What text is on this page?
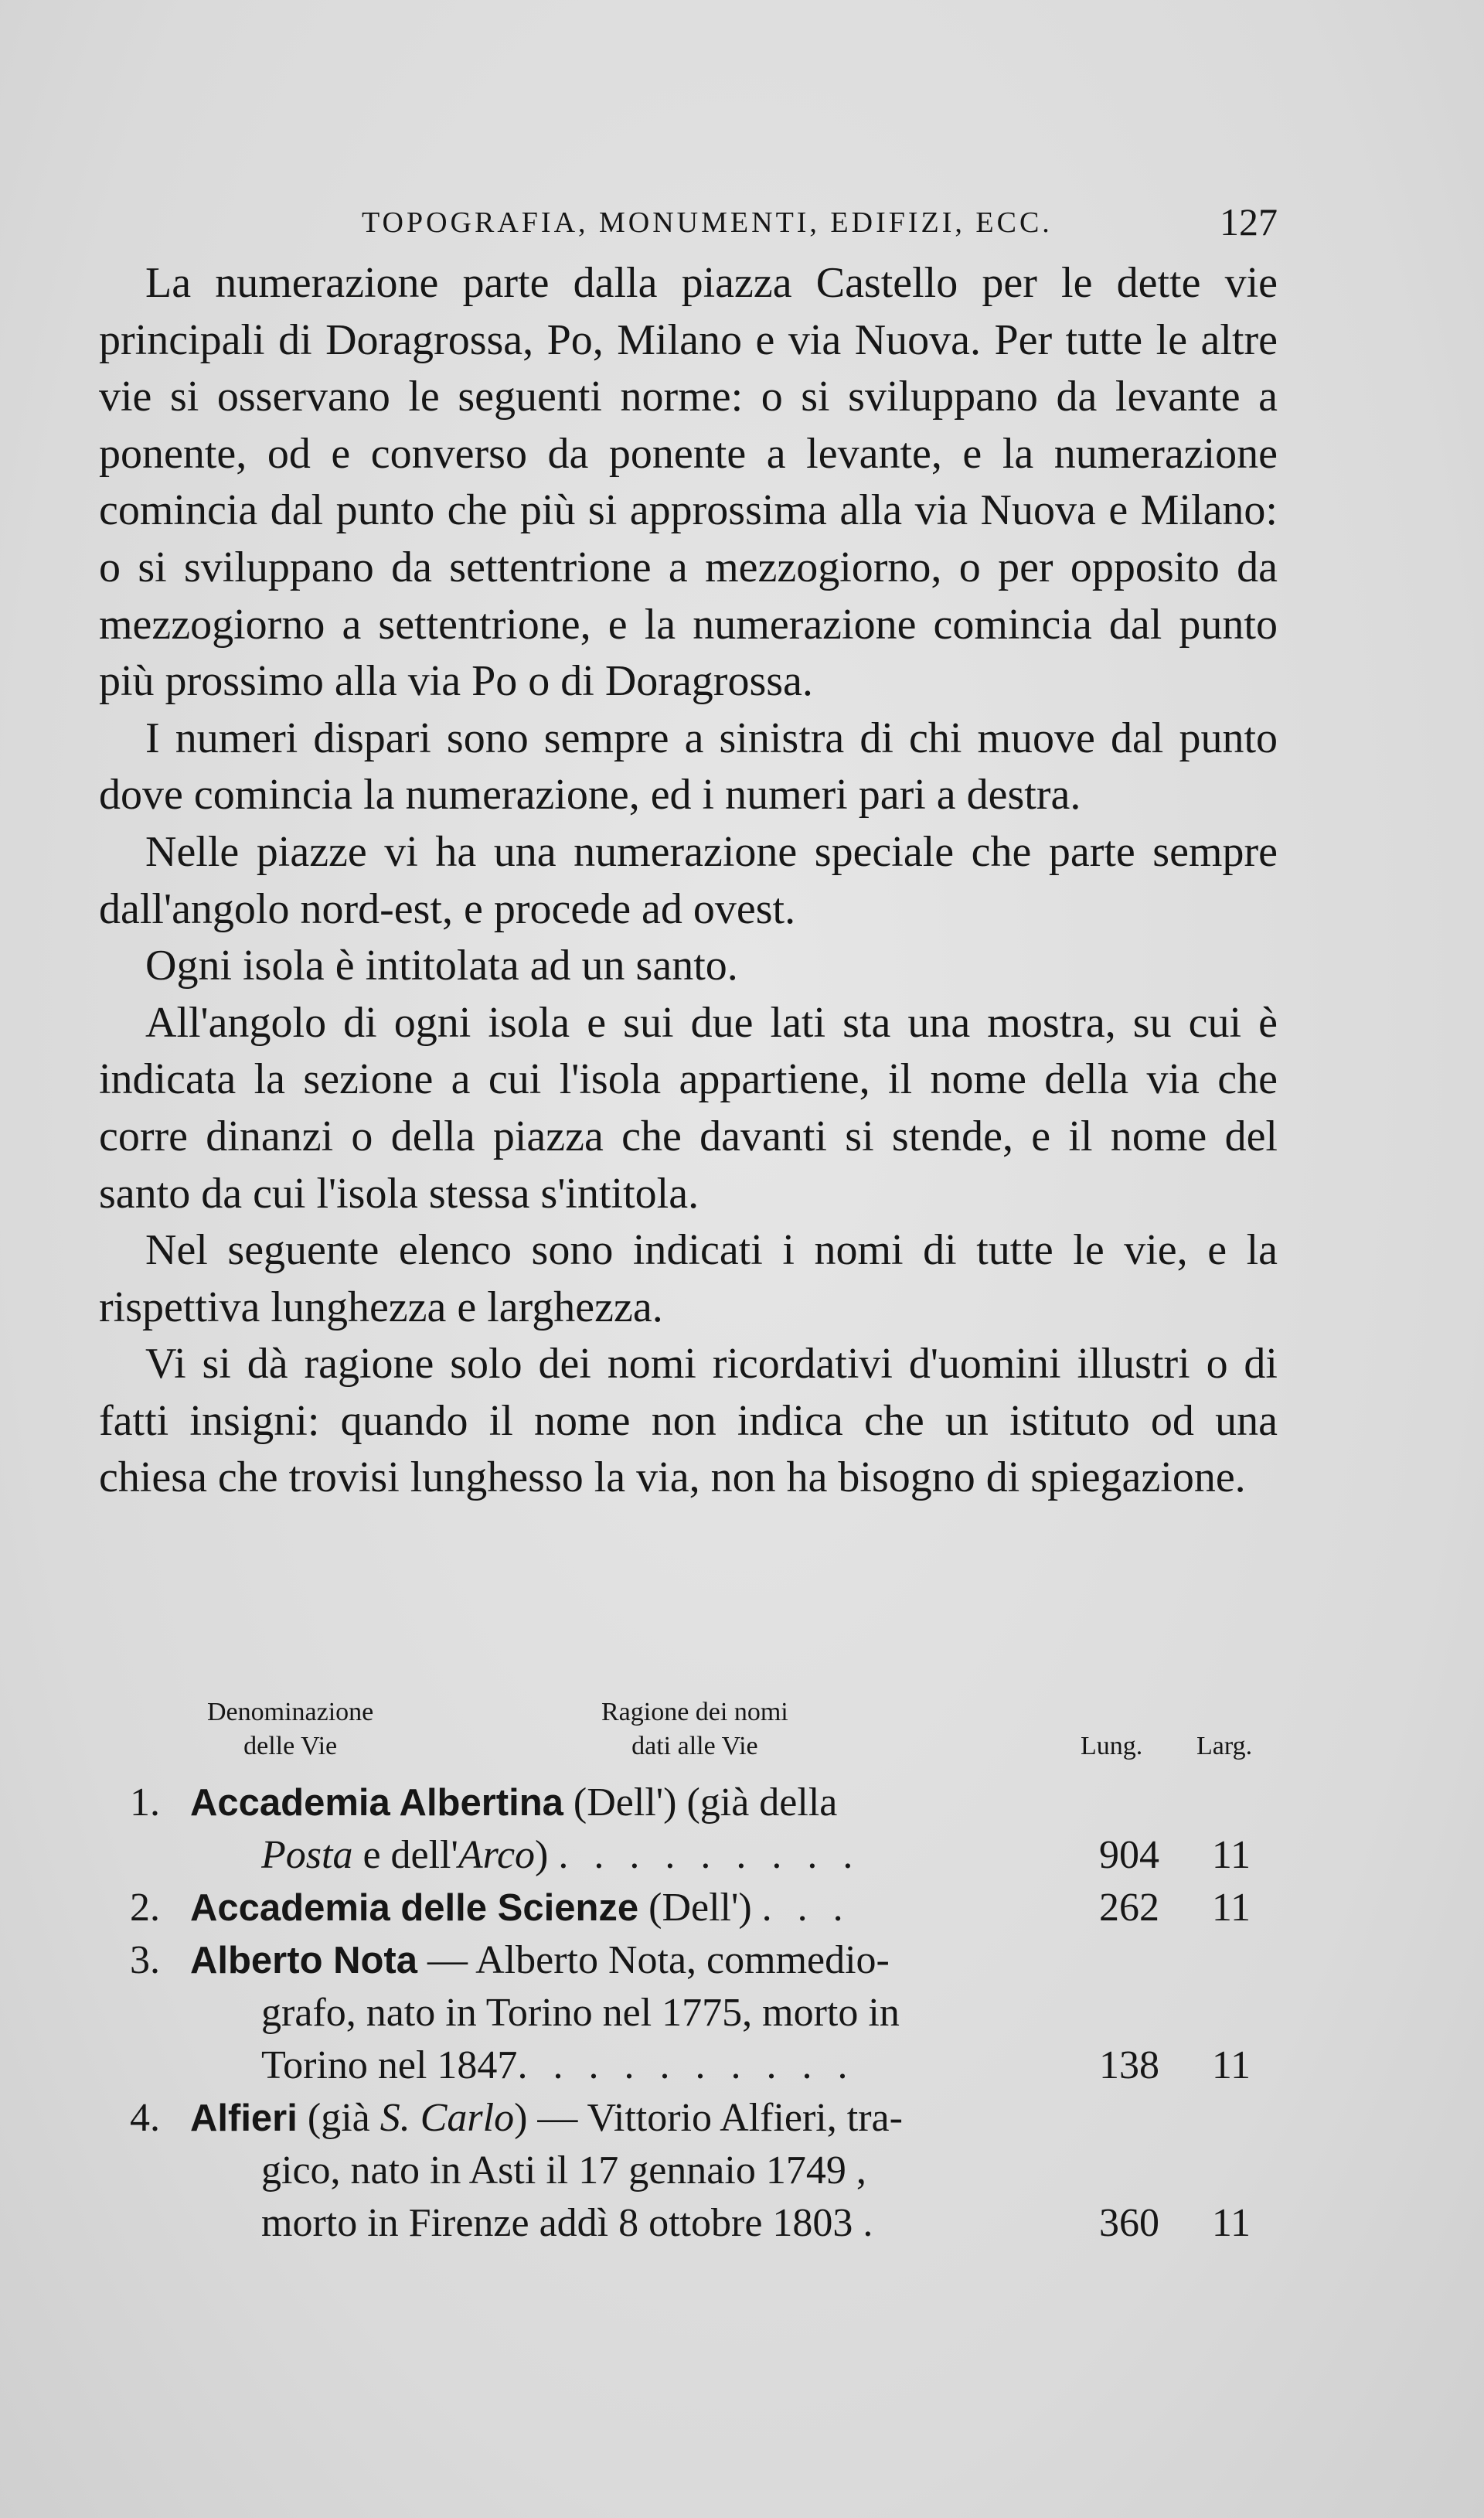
TOPOGRAFIA, MONUMENTI, EDIFIZI, ECC.	127

La numerazione parte dalla piazza Castello per le dette vie principali di Doragrossa, Po, Milano e via Nuova. Per tutte le altre vie si osservano le seguenti norme: o si sviluppano da levante a ponente, od e converso da ponente a levante, e la numerazione comincia dal punto che più si approssima alla via Nuova e Milano: o si sviluppano da settentrione a mezzogiorno, o per opposito da mezzogiorno a settentrione, e la numerazione comincia dal punto più prossimo alla via Po o di Doragrossa.

I numeri dispari sono sempre a sinistra di chi muove dal punto dove comincia la numerazione, ed i numeri pari a destra.

Nelle piazze vi ha una numerazione speciale che parte sempre dall'angolo nord-est, e procede ad ovest.

Ogni isola è intitolata ad un santo.

All'angolo di ogni isola e sui due lati sta una mostra, su cui è indicata la sezione a cui l'isola appartiene, il nome della via che corre dinanzi o della piazza che davanti si stende, e il nome del santo da cui l'isola stessa s'intitola.

Nel seguente elenco sono indicati i nomi di tutte le vie, e la rispettiva lunghezza e larghezza.

Vi si dà ragione solo dei nomi ricordativi d'uomini illustri o di fatti insigni: quando il nome non indica che un istituto od una chiesa che trovisi lunghesso la via, non ha bisogno di spiegazione.

Denominazione
delle Vie
Ragione dei nomi
dati alle Vie	Lung. Larg.
1. Accademia Albertina (Dell') (già della
Posta e dell'Arco) . . . . . . . . .	904	11
2. Accademia delle Scienze (Dell') . . .	262	11
3. Alberto Nota — Alberto Nota, commedio-
grafo, nato in Torino nel 1775, morto in
Torino nel 1847. . . . . . . . . .	138	11
4. Alfieri (già S. Carlo) — Vittorio Alfieri, tra-
gico, nato in Asti il 17 gennaio 1749 ,
morto in Firenze addì 8 ottobre 1803 .	360	11
